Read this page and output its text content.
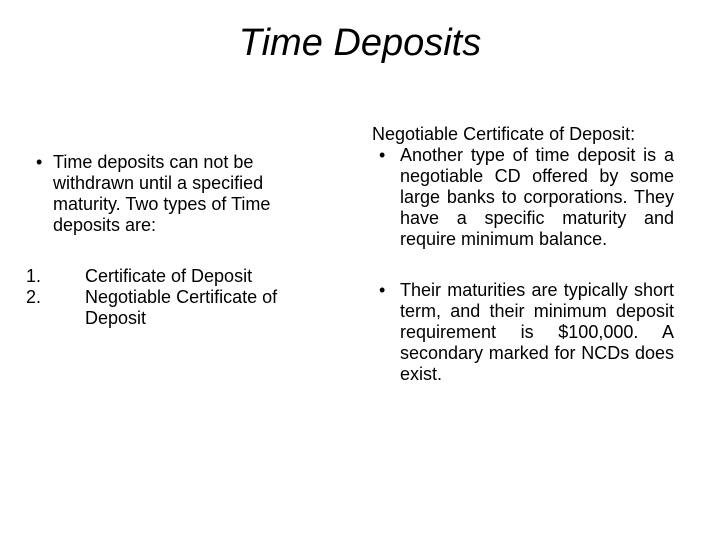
Time Deposits
• Time deposits can not be withdrawn until a specified maturity. Two types of Time deposits are:
1. Certificate of Deposit
2. Negotiable Certificate of Deposit
Negotiable Certificate of Deposit:
• Another type of time deposit is a negotiable CD offered by some large banks to corporations. They have a specific maturity and require minimum balance.
• Their maturities are typically short term, and their minimum deposit requirement is $100,000. A secondary marked for NCDs does exist.
